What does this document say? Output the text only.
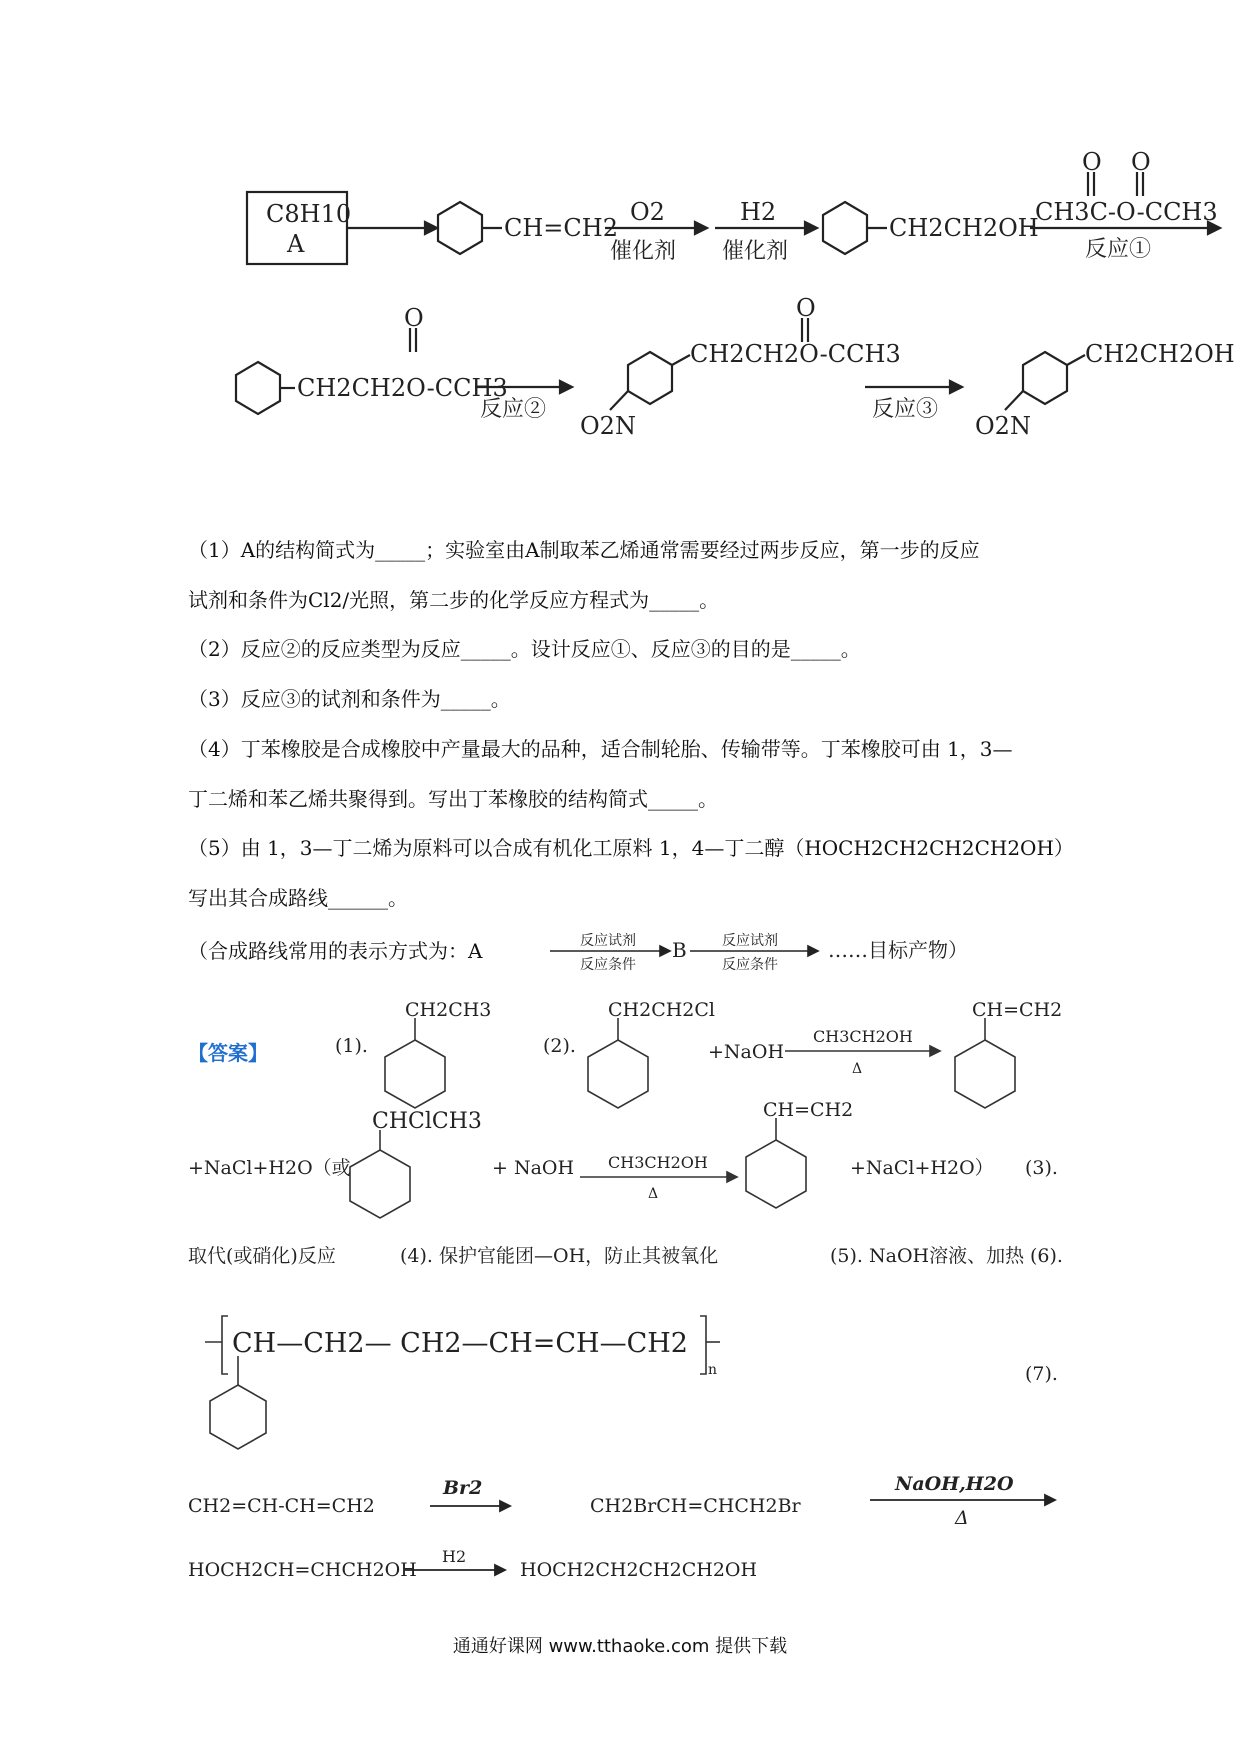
C8H10
A
CH=CH2
O2
催化剂
H2
催化剂
CH2CH2OH
CH3C-O-CCH3
反应①
O O
CH2CH2O-CCH3
O
反应②
CH2CH2O-CCH3
O
O2N
反应③
CH2CH2OH
O2N
（1）A的结构简式为_____；实验室由A制取苯乙烯通常需要经过两步反应，第一步的反应
试剂和条件为Cl2/光照，第二步的化学反应方程式为_____。
（2）反应②的反应类型为反应_____。设计反应①、反应③的目的是_____。
（3）反应③的试剂和条件为_____。
（4）丁苯橡胶是合成橡胶中产量最大的品种，适合制轮胎、传输带等。丁苯橡胶可由 1，3—
丁二烯和苯乙烯共聚得到。写出丁苯橡胶的结构简式_____。
（5）由 1，3—丁二烯为原料可以合成有机化工原料 1，4—丁二醇（HOCH2CH2CH2CH2OH）
写出其合成路线______。
（合成路线常用的表示方式为：A	反应试剂
反应条件
B	反应试剂
反应条件
……目标产物）
【答案】	(1).
CH2CH3
(2).
CH2CH2Cl
+NaOH
CH3CH2OH
Δ
CH=CH2
+NaCl+H2O（或
CHClCH3
+ NaOH CH3CH2OH
Δ
CH=CH2
+NaCl+H2O） (3).
取代(或硝化)反应	(4). 保护官能团—OH，防止其被氧化	(5). NaOH溶液、加热 (6).
CH—CH2— CH2—CH=CH—CH2
n	(7).
CH2=CH-CH=CH2
Br2
CH2BrCH=CHCH2Br
NaOH,H2O
Δ
HOCH2CH=CHCH2OH
H2
HOCH2CH2CH2CH2OH
通通好课网 www.tthaoke.com 提供下载
